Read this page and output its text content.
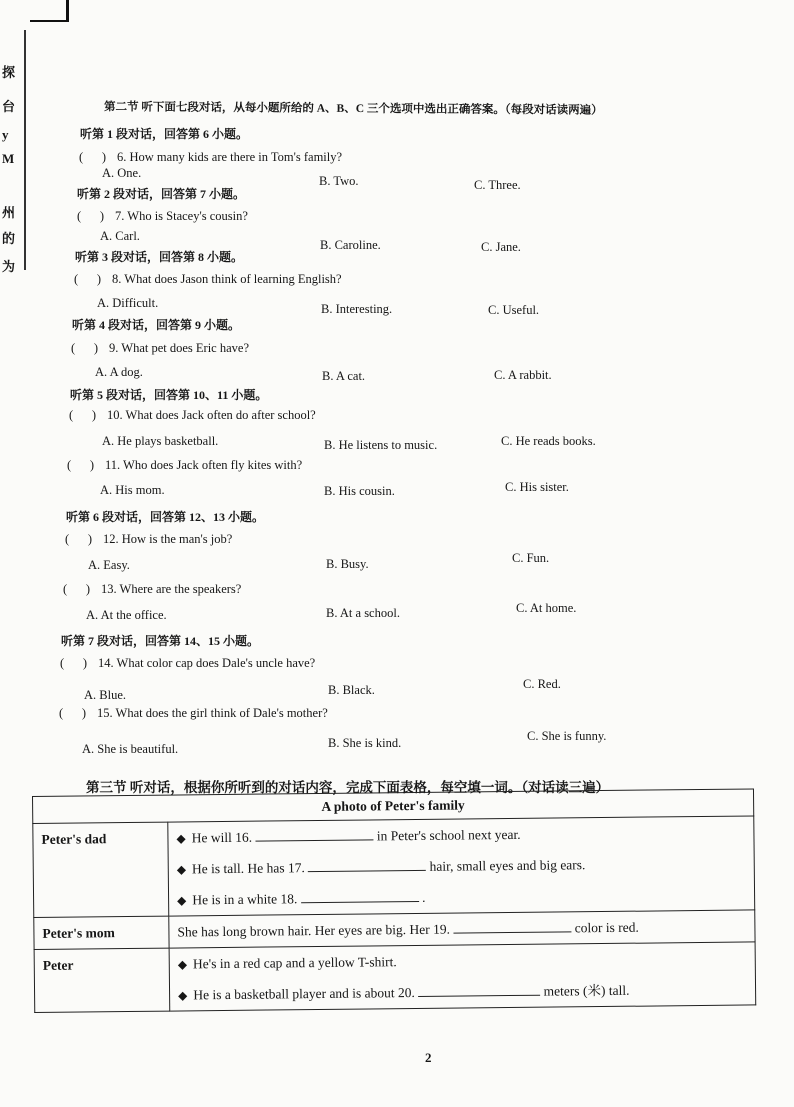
探
台
y
M
州
的
为
第二节 听下面七段对话，从每小题所给的 A、B、C 三个选项中选出正确答案。（每段对话读两遍）
听第 1 段对话，回答第 6 小题。
(      ) 6. How many kids are there in Tom's family?
A. One.
B. Two.	C. Three.
听第 2 段对话，回答第 7 小题。
(      ) 7. Who is Stacey's cousin?
A. Carl.
B. Caroline.	C. Jane.
听第 3 段对话，回答第 8 小题。
(      ) 8. What does Jason think of learning English?
A. Difficult.	B. Interesting.	C. Useful.
听第 4 段对话，回答第 9 小题。
(      ) 9. What pet does Eric have?
A. A dog.	B. A cat.	C. A rabbit.
听第 5 段对话，回答第 10、11 小题。
(      ) 10. What does Jack often do after school?
A. He plays basketball.	B. He listens to music.	C. He reads books.
(      ) 11. Who does Jack often fly kites with?
A. His mom.	B. His cousin.	C. His sister.
听第 6 段对话，回答第 12、13 小题。
(      ) 12. How is the man's job?
A. Easy.	B. Busy.	C. Fun.
(      ) 13. Where are the speakers?
A. At the office.	B. At a school.	C. At home.
听第 7 段对话，回答第 14、15 小题。
(      ) 14. What color cap does Dale's uncle have?
A. Blue.	B. Black.	C. Red.
(      ) 15. What does the girl think of Dale's mother?
A. She is beautiful.	B. She is kind.	C. She is funny.
第三节 听对话，根据你所听到的对话内容，完成下面表格，每空填一词。（对话读三遍）
A photo of Peter's family	
Peter's dad	◆ He will 16. in Peter's school next year.

◆ He is tall. He has 17. hair, small eyes and big ears.

◆ He is in a white 18. .

Peter's mom	She has long brown hair. Her eyes are big. Her 19. color is red.

Peter	◆ He's in a red cap and a yellow T-shirt.

◆ He is a basketball player and is about 20. meters (米) tall.

2
